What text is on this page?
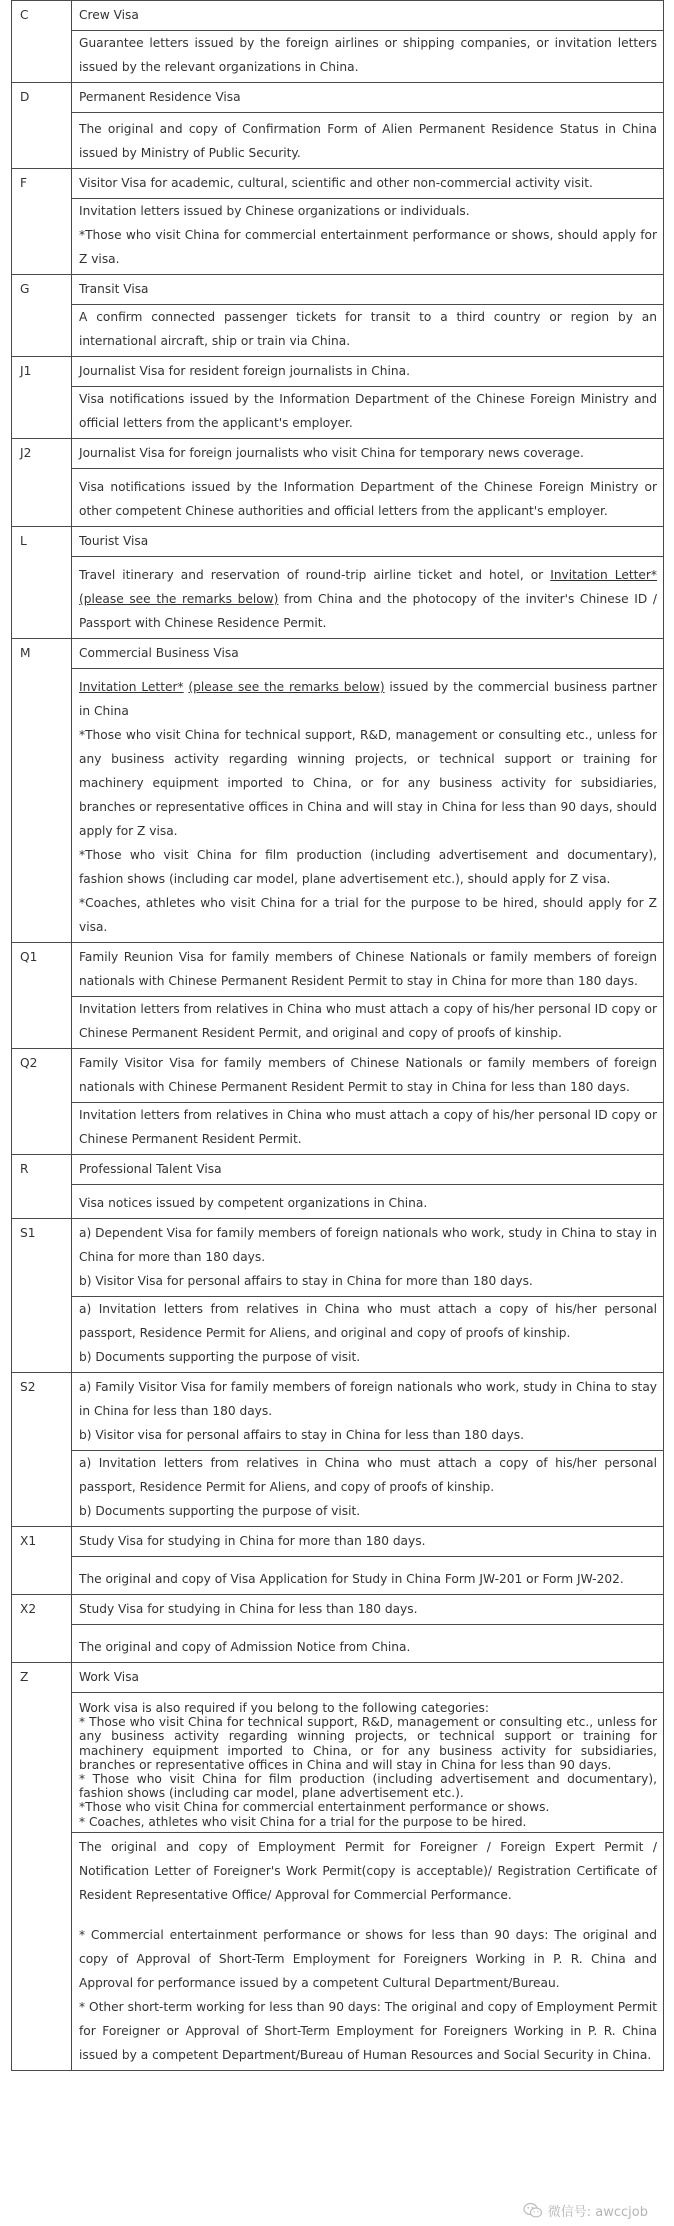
C	Crew Visa

	Guarantee letters issued by the foreign airlines or shipping companies, or invitation letters issued by the relevant organizations in China.

D	Permanent Residence Visa

	The original and copy of Confirmation Form of Alien Permanent Residence Status in China issued by Ministry of Public Security.

F	Visitor Visa for academic, cultural, scientific and other non-commercial activity visit.

	Invitation letters issued by Chinese organizations or individuals.
*Those who visit China for commercial entertainment performance or shows, should apply for Z visa.

G	Transit Visa

	A confirm connected passenger tickets for transit to a third country or region by an international aircraft, ship or train via China.

J1	Journalist Visa for resident foreign journalists in China.

	Visa notifications issued by the Information Department of the Chinese Foreign Ministry and official letters from the applicant's employer.

J2	Journalist Visa for foreign journalists who visit China for temporary news coverage.

	Visa notifications issued by the Information Department of the Chinese Foreign Ministry or other competent Chinese authorities and official letters from the applicant's employer.

L	Tourist Visa

	Travel itinerary and reservation of round-trip airline ticket and hotel, or Invitation Letter* (please see the remarks below) from China and the photocopy of the inviter's Chinese ID / Passport with Chinese Residence Permit.

M	Commercial Business Visa

	Invitation Letter* (please see the remarks below) issued by the commercial business partner in China
*Those who visit China for technical support, R&D, management or consulting etc., unless for any business activity regarding winning projects, or technical support or training for machinery equipment imported to China, or for any business activity for subsidiaries, branches or representative offices in China and will stay in China for less than 90 days, should apply for Z visa.
*Those who visit China for film production (including advertisement and documentary), fashion shows (including car model, plane advertisement etc.), should apply for Z visa.
*Coaches, athletes who visit China for a trial for the purpose to be hired, should apply for Z visa.

Q1	Family Reunion Visa for family members of Chinese Nationals or family members of foreign nationals with Chinese Permanent Resident Permit to stay in China for more than 180 days.

	Invitation letters from relatives in China who must attach a copy of his/her personal ID copy or Chinese Permanent Resident Permit, and original and copy of proofs of kinship.

Q2	Family Visitor Visa for family members of Chinese Nationals or family members of foreign nationals with Chinese Permanent Resident Permit to stay in China for less than 180 days.

	Invitation letters from relatives in China who must attach a copy of his/her personal ID copy or Chinese Permanent Resident Permit.

R	Professional Talent Visa

	Visa notices issued by competent organizations in China.

S1	a) Dependent Visa for family members of foreign nationals who work, study in China to stay in China for more than 180 days.
b) Visitor Visa for personal affairs to stay in China for more than 180 days.

	a) Invitation letters from relatives in China who must attach a copy of his/her personal passport, Residence Permit for Aliens, and original and copy of proofs of kinship.
b) Documents supporting the purpose of visit.

S2	a) Family Visitor Visa for family members of foreign nationals who work, study in China to stay in China for less than 180 days.
b) Visitor visa for personal affairs to stay in China for less than 180 days.

	a) Invitation letters from relatives in China who must attach a copy of his/her personal passport, Residence Permit for Aliens, and copy of proofs of kinship.
b) Documents supporting the purpose of visit.

X1	Study Visa for studying in China for more than 180 days.

	The original and copy of Visa Application for Study in China Form JW-201 or Form JW-202.

X2	Study Visa for studying in China for less than 180 days.

	The original and copy of Admission Notice from China.

Z	Work Visa

	Work visa is also required if you belong to the following categories:
* Those who visit China for technical support, R&D, management or consulting etc., unless for any business activity regarding winning projects, or technical support or training for machinery equipment imported to China, or for any business activity for subsidiaries, branches or representative offices in China and will stay in China for less than 90 days.
* Those who visit China for film production (including advertisement and documentary), fashion shows (including car model, plane advertisement etc.).
*Those who visit China for commercial entertainment performance or shows.
* Coaches, athletes who visit China for a trial for the purpose to be hired.

	The original and copy of Employment Permit for Foreigner / Foreign Expert Permit / Notification Letter of Foreigner's Work Permit(copy is acceptable)/ Registration Certificate of Resident Representative Office/ Approval for Commercial Performance.
* Commercial entertainment performance or shows for less than 90 days: The original and copy of Approval of Short-Term Employment for Foreigners Working in P. R. China and Approval for performance issued by a competent Cultural Department/Bureau.
* Other short-term working for less than 90 days: The original and copy of Employment Permit for Foreigner or Approval of Short-Term Employment for Foreigners Working in P. R. China issued by a competent Department/Bureau of Human Resources and Social Security in China.
微信号: awccjob
